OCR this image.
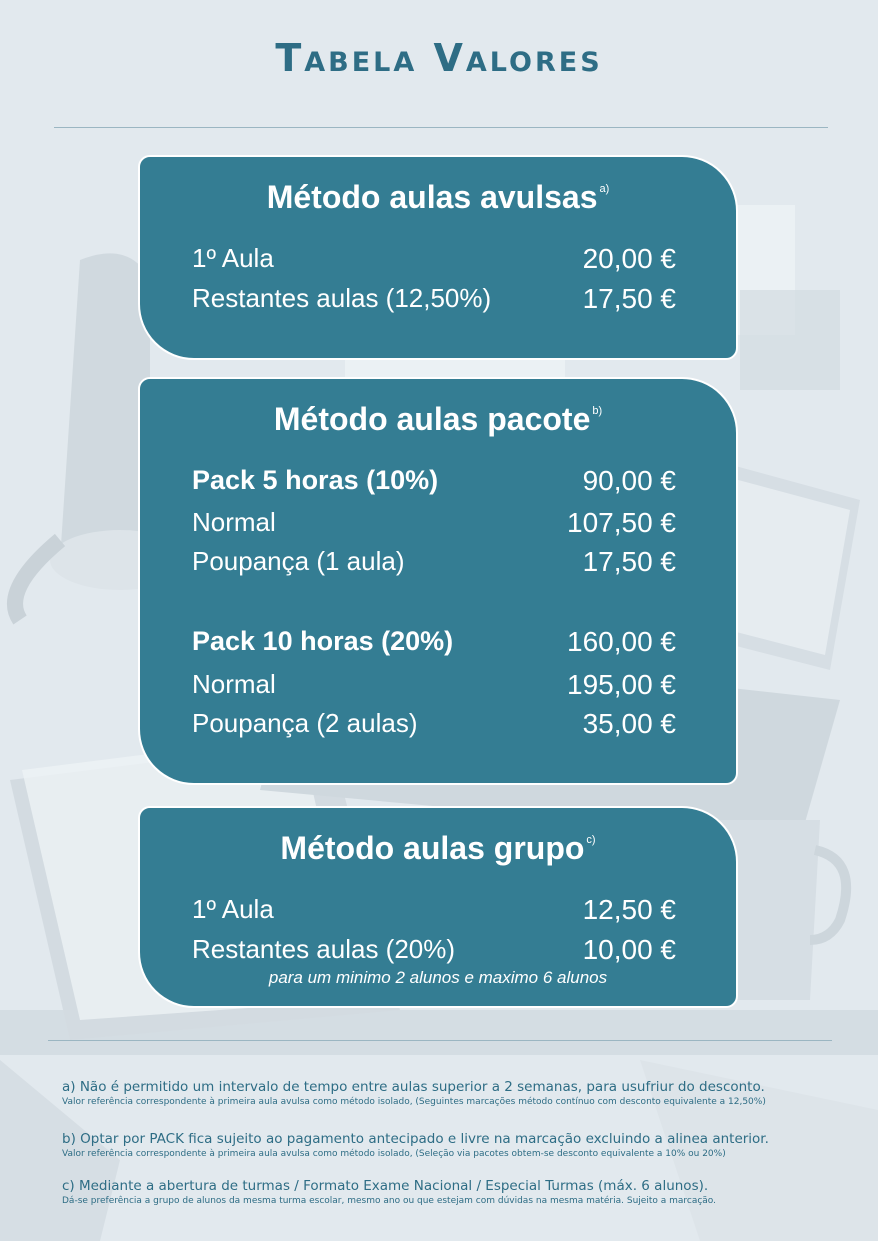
Tabela Valores
Método aulas avulsas $^{a)}$
1º Aula	20,00 €
Restantes aulas (12,50%)	17,50 €
Método aulas pacote $^{b)}$
Pack 5 horas (10%)	90,00 €
Normal	107,50 €
Poupança (1 aula)	17,50 €
Pack 10 horas (20%)	160,00 €
Normal	195,00 €
Poupança (2 aulas)	35,00 €
Método aulas grupo $^{c)}$
1º Aula	12,50 €
Restantes aulas (20%)	10,00 €
para um minimo 2 alunos e maximo 6 alunos
a) Não é permitido um intervalo de tempo entre aulas superior a 2 semanas, para usufriur do desconto.
Valor referência correspondente à primeira aula avulsa como método isolado, (Seguintes marcações método contínuo com desconto equivalente a 12,50%)
b) Optar por PACK fica sujeito ao pagamento antecipado e livre na marcação excluindo a alinea anterior.
Valor referência correspondente à primeira aula avulsa como método isolado, (Seleção via pacotes obtem-se desconto equivalente a 10% ou 20%)
c) Mediante a abertura de turmas / Formato Exame Nacional / Especial Turmas (máx. 6 alunos).
Dá-se preferência a grupo de alunos da mesma turma escolar, mesmo ano ou que estejam com dúvidas na mesma matéria. Sujeito a marcação.
